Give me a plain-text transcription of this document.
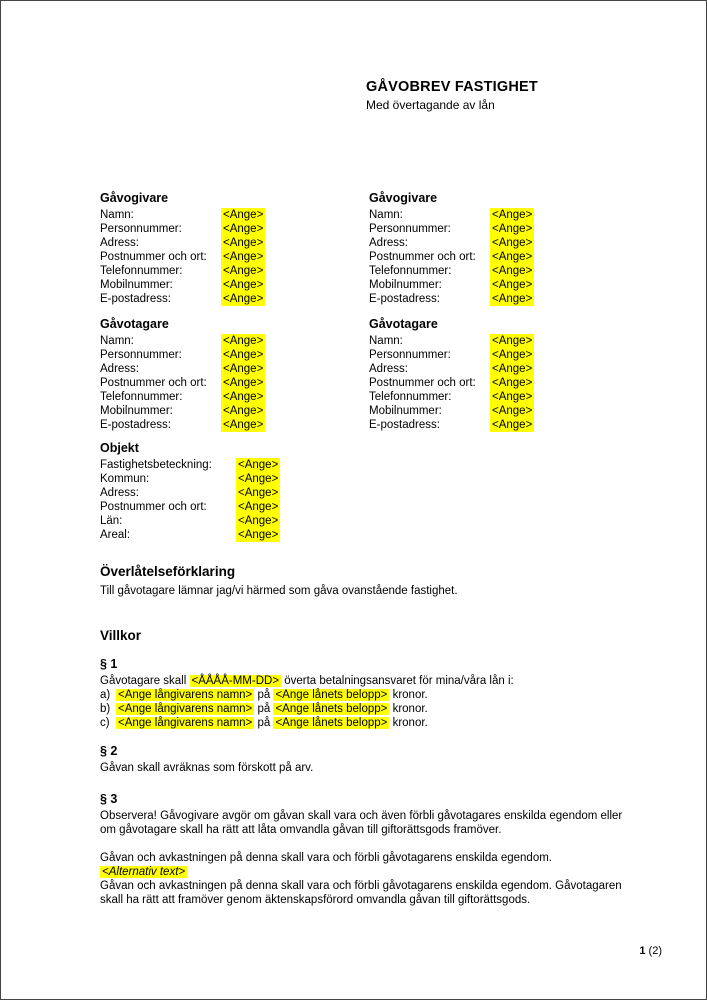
GÅVOBREV FASTIGHET
Med övertagande av lån
Gåvogivare
Namn:	<Ange>
Personnummer:	<Ange>
Adress:	<Ange>
Postnummer och ort:	<Ange>
Telefonnummer:	<Ange>
Mobilnummer:	<Ange>
E-postadress:	<Ange>
Gåvogivare
Namn:	<Ange>
Personnummer:	<Ange>
Adress:	<Ange>
Postnummer och ort:	<Ange>
Telefonnummer:	<Ange>
Mobilnummer:	<Ange>
E-postadress:	<Ange>
Gåvotagare
Namn:	<Ange>
Personnummer:	<Ange>
Adress:	<Ange>
Postnummer och ort:	<Ange>
Telefonnummer:	<Ange>
Mobilnummer:	<Ange>
E-postadress:	<Ange>
Gåvotagare
Namn:	<Ange>
Personnummer:	<Ange>
Adress:	<Ange>
Postnummer och ort:	<Ange>
Telefonnummer:	<Ange>
Mobilnummer:	<Ange>
E-postadress:	<Ange>
Objekt
Fastighetsbeteckning:	<Ange>
Kommun:	<Ange>
Adress:	<Ange>
Postnummer och ort:	<Ange>
Län:	<Ange>
Areal:	<Ange>
Överlåtelseförklaring
Till gåvotagare lämnar jag/vi härmed som gåva ovanstående fastighet.
Villkor
§ 1
Gåvotagare skall <ÅÅÅÅ-MM-DD> överta betalningsansvaret för mina/våra lån i:
a) <Ange långivarens namn> på <Ange lånets belopp> kronor.
b) <Ange långivarens namn> på <Ange lånets belopp> kronor.
c) <Ange långivarens namn> på <Ange lånets belopp> kronor.
§ 2
Gåvan skall avräknas som förskott på arv.
§ 3
Observera! Gåvogivare avgör om gåvan skall vara och även förbli gåvotagares enskilda egendom eller om gåvotagare skall ha rätt att låta omvandla gåvan till giftorättsgods framöver.
Gåvan och avkastningen på denna skall vara och förbli gåvotagarens enskilda egendom.
<Alternativ text>
Gåvan och avkastningen på denna skall vara och förbli gåvotagarens enskilda egendom. Gåvotagaren skall ha rätt att framöver genom äktenskapsförord omvandla gåvan till giftorättsgods.
1 (2)
